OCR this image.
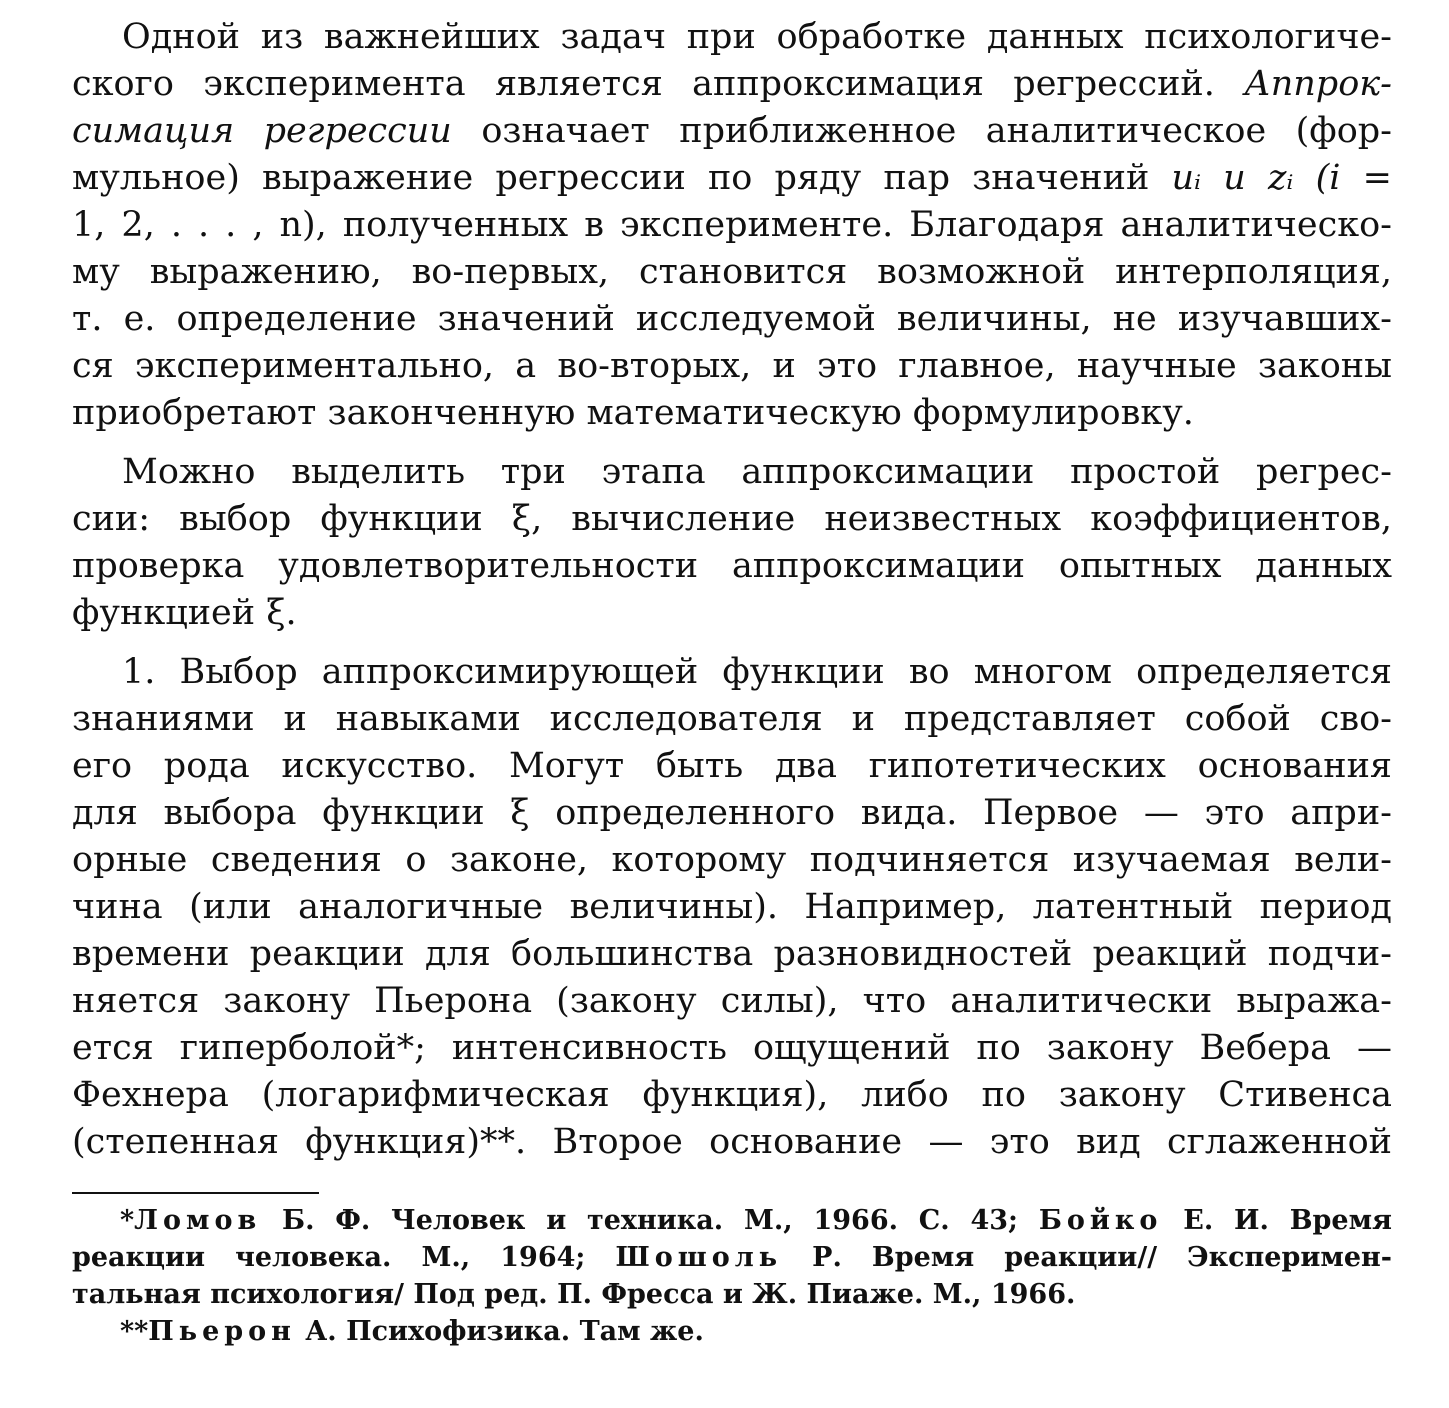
Одной из важнейших задач при обработке данных психологиче-
ского эксперимента является аппроксимация регрессий. Аппрок-
симация регрессии означает приближенное аналитическое (фор-
мульное) выражение регрессии по ряду пар значений uᵢ и zᵢ (i =
1, 2, . . . , n), полученных в эксперименте. Благодаря аналитическо-
му выражению, во-первых, становится возможной интерполяция,
т. е. определение значений исследуемой величины, не изучавших-
ся экспериментально, а во-вторых, и это главное, научные законы
приобретают законченную математическую формулировку.
Можно выделить три этапа аппроксимации простой регрес-
сии: выбор функции ξ, вычисление неизвестных коэффициентов,
проверка удовлетворительности аппроксимации опытных данных
функцией ξ.
1. Выбор аппроксимирующей функции во многом определяется
знаниями и навыками исследователя и представляет собой сво-
его рода искусство. Могут быть два гипотетических основания
для выбора функции ξ определенного вида. Первое — это апри-
орные сведения о законе, которому подчиняется изучаемая вели-
чина (или аналогичные величины). Например, латентный период
времени реакции для большинства разновидностей реакций подчи-
няется закону Пьерона (закону силы), что аналитически выража-
ется гиперболой*; интенсивность ощущений по закону Вебера —
Фехнера (логарифмическая функция), либо по закону Стивенса
(степенная функция)**. Второе основание — это вид сглаженной
*Ломов Б. Ф. Человек и техника. М., 1966. С. 43; Бойко Е. И. Время
реакции человека. М., 1964; Шошоль Р. Время реакции// Эксперимен-
тальная психология/ Под ред. П. Фресса и Ж. Пиаже. М., 1966.
**Пьерон А. Психофизика. Там же.
